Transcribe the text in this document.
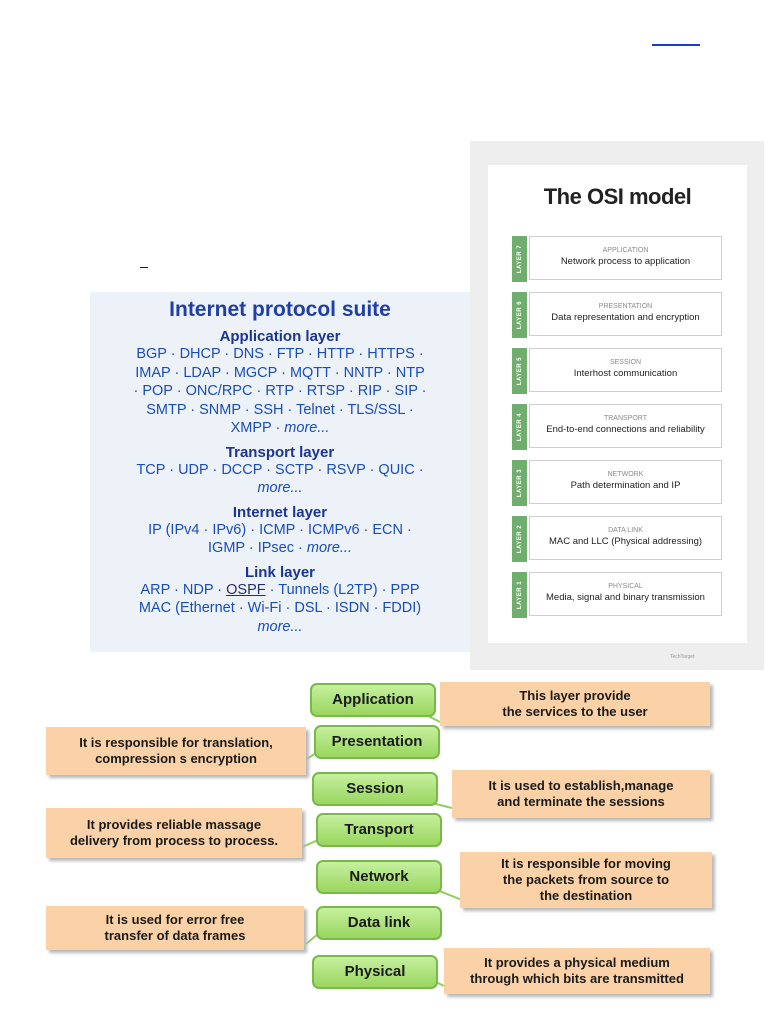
Internet protocol suite
Application layer
BGP · DHCP · DNS · FTP · HTTP · HTTPS ·
IMAP · LDAP · MGCP · MQTT · NNTP · NTP
· POP · ONC/RPC · RTP · RTSP · RIP · SIP ·
SMTP · SNMP · SSH · Telnet · TLS/SSL ·
XMPP · more...
Transport layer
TCP · UDP · DCCP · SCTP · RSVP · QUIC ·
more...
Internet layer
IP (IPv4 · IPv6) · ICMP · ICMPv6 · ECN ·
IGMP · IPsec · more...
Link layer
ARP · NDP · OSPF · Tunnels (L2TP) · PPP
MAC (Ethernet · Wi-Fi · DSL · ISDN · FDDI)
more...
The OSI model
LAYER 7	APPLICATION
Network process to application
LAYER 6	PRESENTATION
Data representation and encryption
LAYER 5	SESSION
Interhost communication
LAYER 4	TRANSPORT
End-to-end connections and reliability
LAYER 3	NETWORK
Path determination and IP
LAYER 2	DATA LINK
MAC and LLC (Physical addressing)
LAYER 1	PHYSICAL
Media, signal and binary transmission
TechTarget
Application
Presentation
Session
Transport
Network
Data link
Physical
This layer provide
the services to the user
It is responsible for translation,
compression s encryption
It is used to establish,manage
and terminate the sessions
It provides reliable massage
delivery from process to process.
It is responsible for moving
the packets from source to
the destination
It is used for error free
transfer of data frames
It provides a physical medium
through which bits are transmitted
